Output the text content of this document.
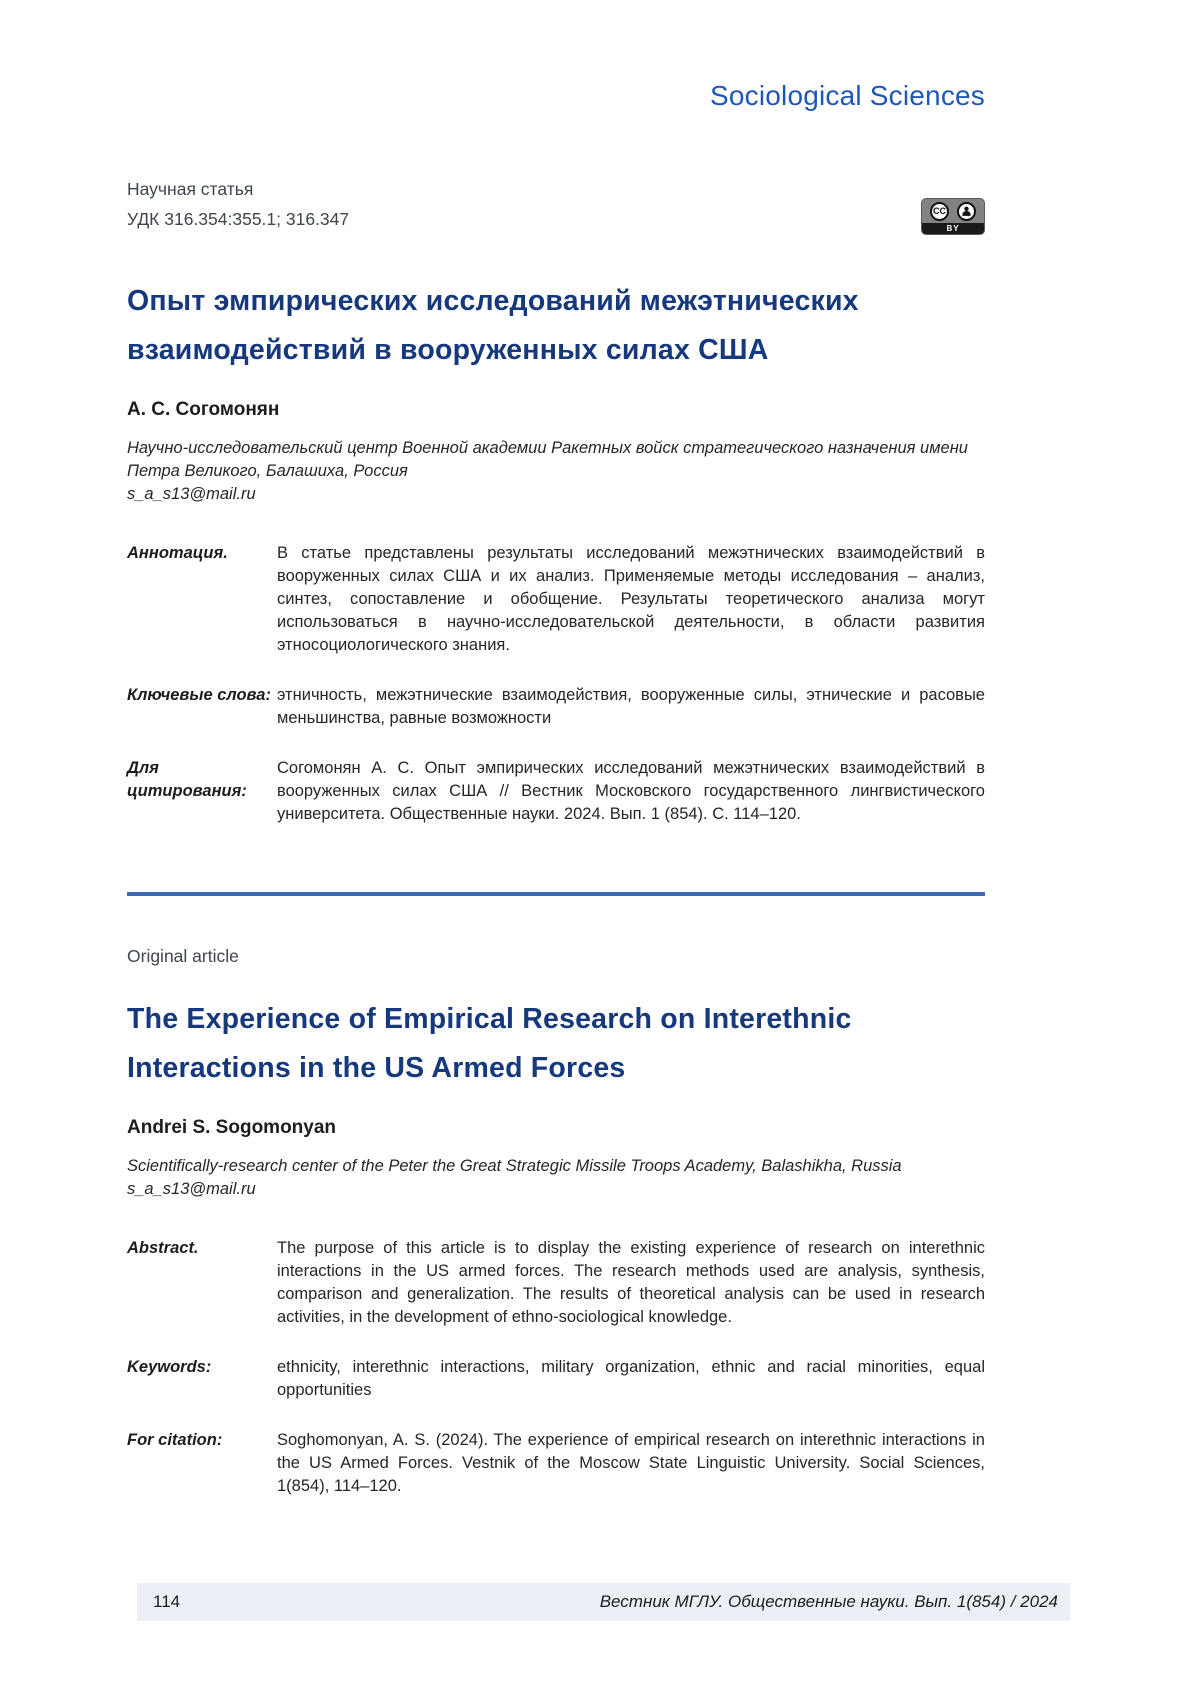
Sociological Sciences
Научная статья
УДК 316.354:355.1; 316.347	CC
BY
Опыт эмпирических исследований межэтнических взаимодействий в вооруженных силах США
А. С. Согомонян
Научно-исследовательский центр Военной академии Ракетных войск стратегического назначения имени Петра Великого, Балашиха, Россия
s_a_s13@mail.ru
Аннотация.	В статье представлены результаты исследований межэтнических взаимодействий в вооруженных силах США и их анализ. Применяемые методы исследования – анализ, синтез, сопоставление и обобщение. Результаты теоретического анализа могут использоваться в научно-исследовательской деятельности, в области развития этносоциологического знания.
Ключевые слова: этничность, межэтнические взаимодействия, вооруженные силы, этнические и расовые меньшинства, равные возможности
Для цитирования:
Согомонян А. С. Опыт эмпирических исследований межэтнических взаимодействий в вооруженных силах США // Вестник Московского государственного лингвистического университета. Общественные науки. 2024. Вып. 1 (854). С. 114–120.
Original article
The Experience of Empirical Research on Interethnic Interactions in the US Armed Forces
Andrei S. Sogomonyan
Scientifically-research center of the Peter the Great Strategic Missile Troops Academy, Balashikha, Russia
s_a_s13@mail.ru
Abstract.	The purpose of this article is to display the existing experience of research on interethnic interactions in the US armed forces. The research methods used are analysis, synthesis, comparison and generalization. The results of theoretical analysis can be used in research activities, in the development of ethno-sociological knowledge.
Keywords:	ethnicity, interethnic interactions, military organization, ethnic and racial minorities, equal opportunities
For citation:	Soghomonyan, A. S. (2024). The experience of empirical research on interethnic interactions in the US Armed Forces. Vestnik of the Moscow State Linguistic University. Social Sciences, 1(854), 114–120.
114	Вестник МГЛУ. Общественные науки. Вып. 1(854) / 2024
